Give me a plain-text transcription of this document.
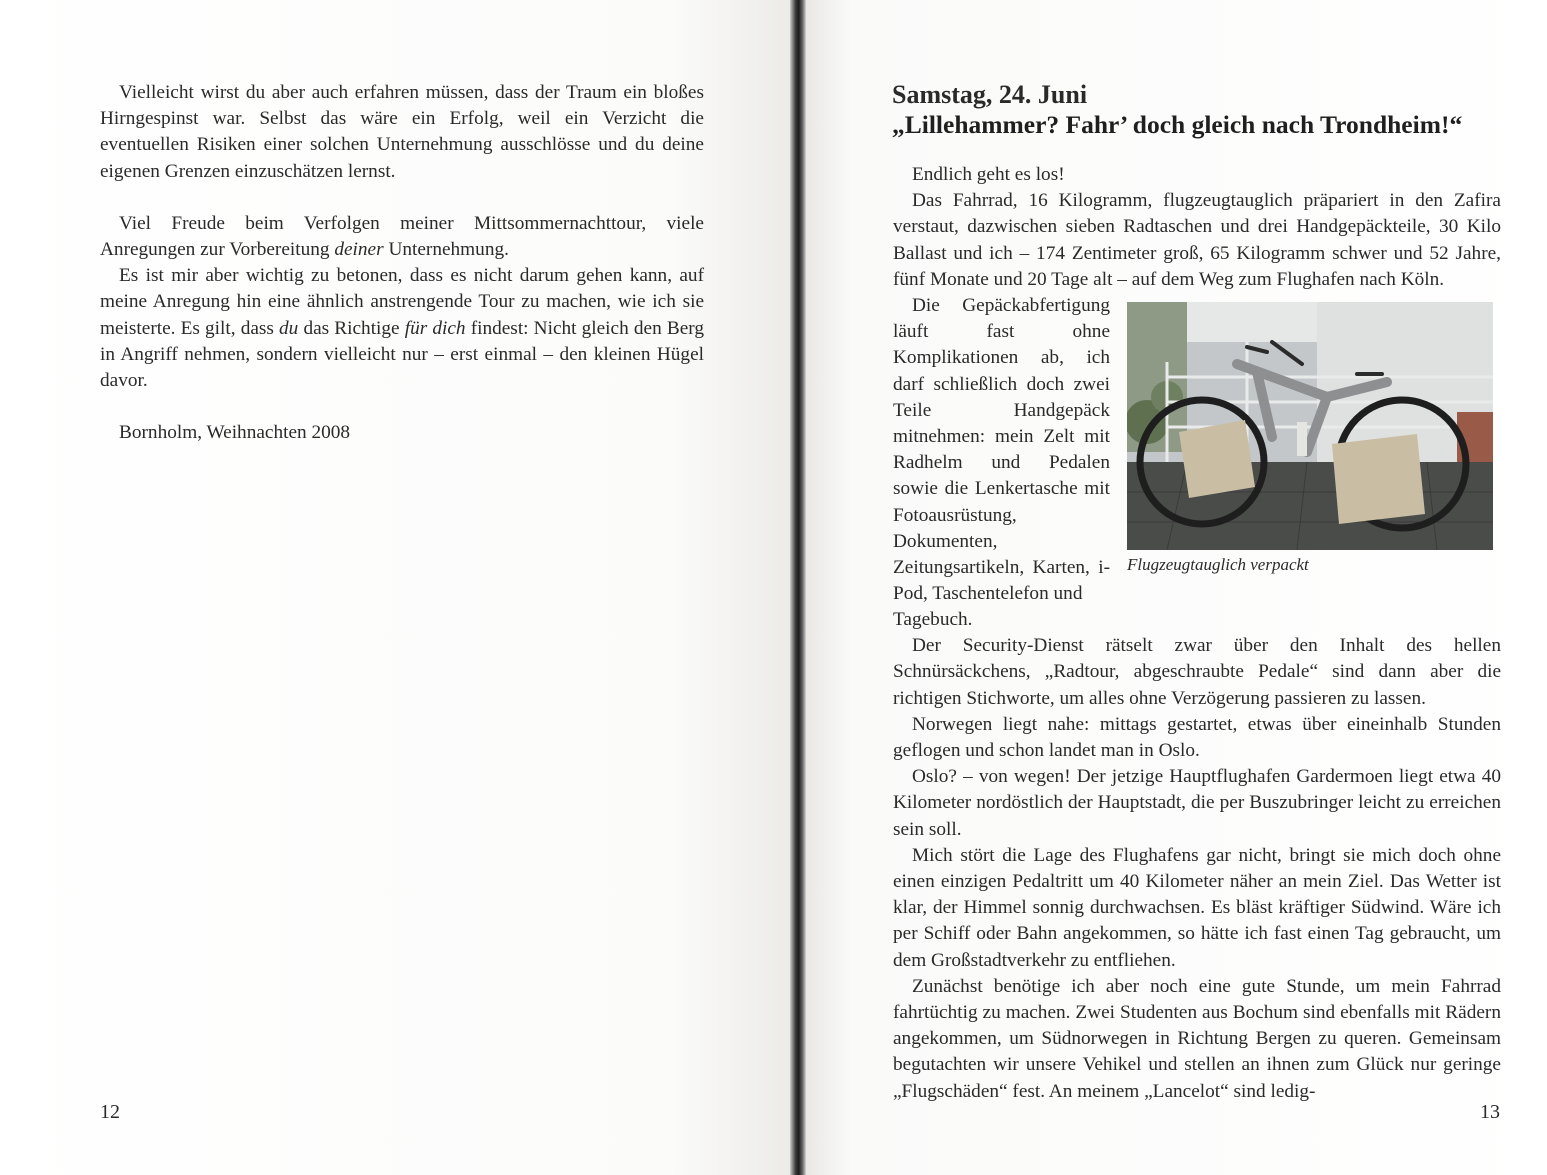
Vielleicht wirst du aber auch erfahren müssen, dass der Traum ein bloßes Hirngespinst war. Selbst das wäre ein Erfolg, weil ein Verzicht die eventuellen Risiken einer solchen Unternehmung ausschlösse und du deine eigenen Grenzen einzuschätzen lernst.

Viel Freude beim Verfolgen meiner Mittsommernachttour, viele Anregungen zur Vorbereitung deiner Unternehmung.

Es ist mir aber wichtig zu betonen, dass es nicht darum gehen kann, auf meine Anregung hin eine ähnlich anstrengende Tour zu machen, wie ich sie meisterte. Es gilt, dass du das Richtige für dich findest: Nicht gleich den Berg in Angriff nehmen, sondern vielleicht nur – erst einmal – den kleinen Hügel davor.

Bornholm, Weihnachten 2008

12
Samstag, 24. Juni
„Lillehammer? Fahr’ doch gleich nach Trondheim!“

Endlich geht es los!

Das Fahrrad, 16 Kilogramm, flugzeugtauglich präpariert in den Zafira verstaut, dazwischen sieben Radtaschen und drei Handgepäckteile, 30 Kilo Ballast und ich – 174 Zentimeter groß, 65 Kilogramm schwer und 52 Jahre, fünf Monate und 20 Tage alt – auf dem Weg zum Flughafen nach Köln.

Die Gepäckabfertigung läuft fast ohne Komplikationen ab, ich darf schließlich doch zwei Teile Handgepäck mitnehmen: mein Zelt mit Radhelm und Pedalen sowie die Lenkertasche mit Fotoausrüstung, Dokumenten, Zeitungsartikeln, Karten, i-Pod, Taschentelefon und

Flugzeugtauglich verpackt

Tagebuch.

Der Security-Dienst rätselt zwar über den Inhalt des hellen Schnürsäckchens, „Radtour, abgeschraubte Pedale“ sind dann aber die richtigen Stichworte, um alles ohne Verzögerung passieren zu lassen.

Norwegen liegt nahe: mittags gestartet, etwas über eineinhalb Stunden geflogen und schon landet man in Oslo.

Oslo? – von wegen! Der jetzige Hauptflughafen Gardermoen liegt etwa 40 Kilometer nordöstlich der Hauptstadt, die per Buszubringer leicht zu erreichen sein soll.

Mich stört die Lage des Flughafens gar nicht, bringt sie mich doch ohne einen einzigen Pedaltritt um 40 Kilometer näher an mein Ziel. Das Wetter ist klar, der Himmel sonnig durchwachsen. Es bläst kräftiger Südwind. Wäre ich per Schiff oder Bahn angekommen, so hätte ich fast einen Tag gebraucht, um dem Großstadtverkehr zu entfliehen.

Zunächst benötige ich aber noch eine gute Stunde, um mein Fahrrad fahrtüchtig zu machen. Zwei Studenten aus Bochum sind ebenfalls mit Rädern angekommen, um Südnorwegen in Richtung Bergen zu queren. Gemeinsam begutachten wir unsere Vehikel und stellen an ihnen zum Glück nur geringe „Flugschäden“ fest. An meinem „Lancelot“ sind ledig-

13
